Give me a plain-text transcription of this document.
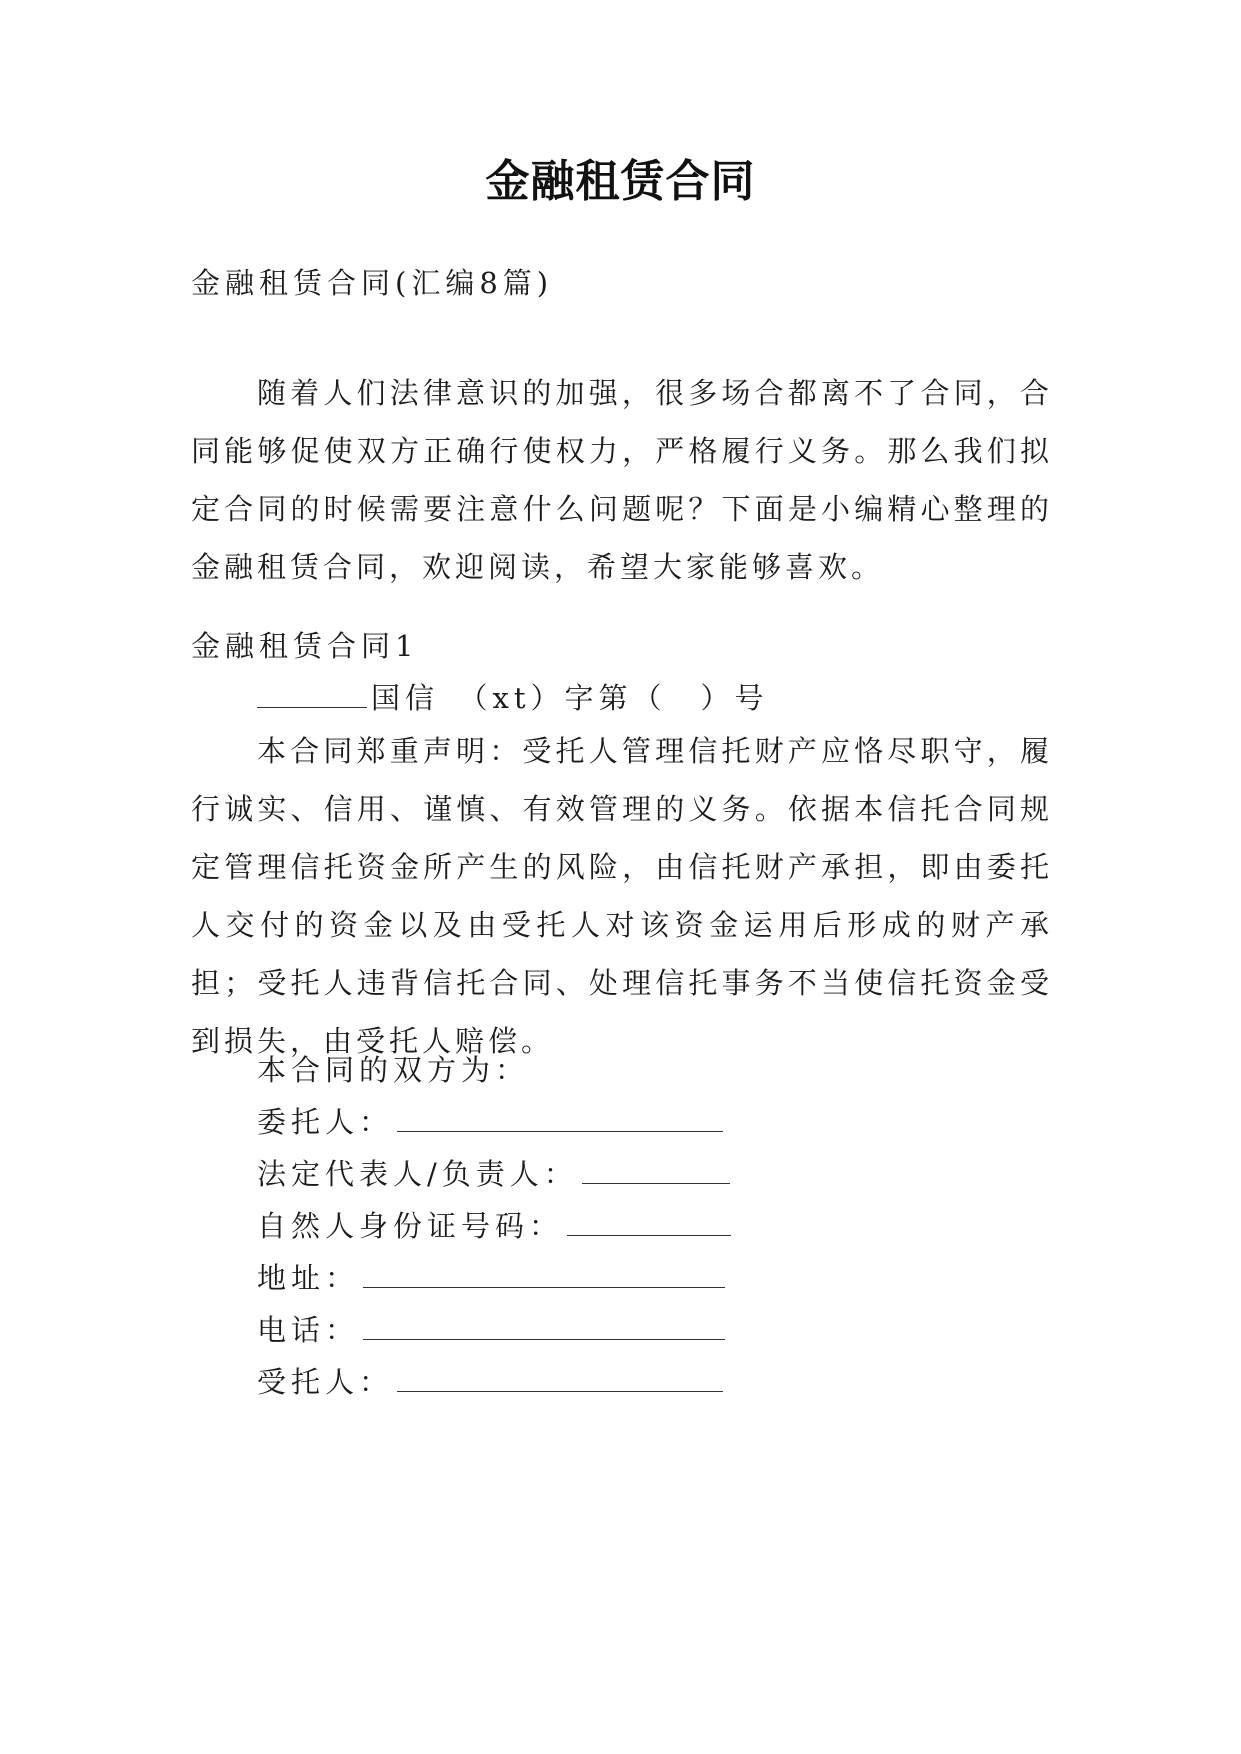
金融租赁合同
金融租赁合同(汇编8篇)
随着人们法律意识的加强，很多场合都离不了合同，合同能够促使双方正确行使权力，严格履行义务。那么我们拟定合同的时候需要注意什么问题呢？下面是小编精心整理的金融租赁合同，欢迎阅读，希望大家能够喜欢。
金融租赁合同1
国信　（xt）字第（　）号
本合同郑重声明：受托人管理信托财产应恪尽职守，履行诚实、信用、谨慎、有效管理的义务。依据本信托合同规定管理信托资金所产生的风险，由信托财产承担，即由委托人交付的资金以及由受托人对该资金运用后形成的财产承担；受托人违背信托合同、处理信托事务不当使信托资金受到损失，由受托人赔偿。
本合同的双方为：
委托人：
法定代表人/负责人：
自然人身份证号码：
地址：
电话：
受托人：
